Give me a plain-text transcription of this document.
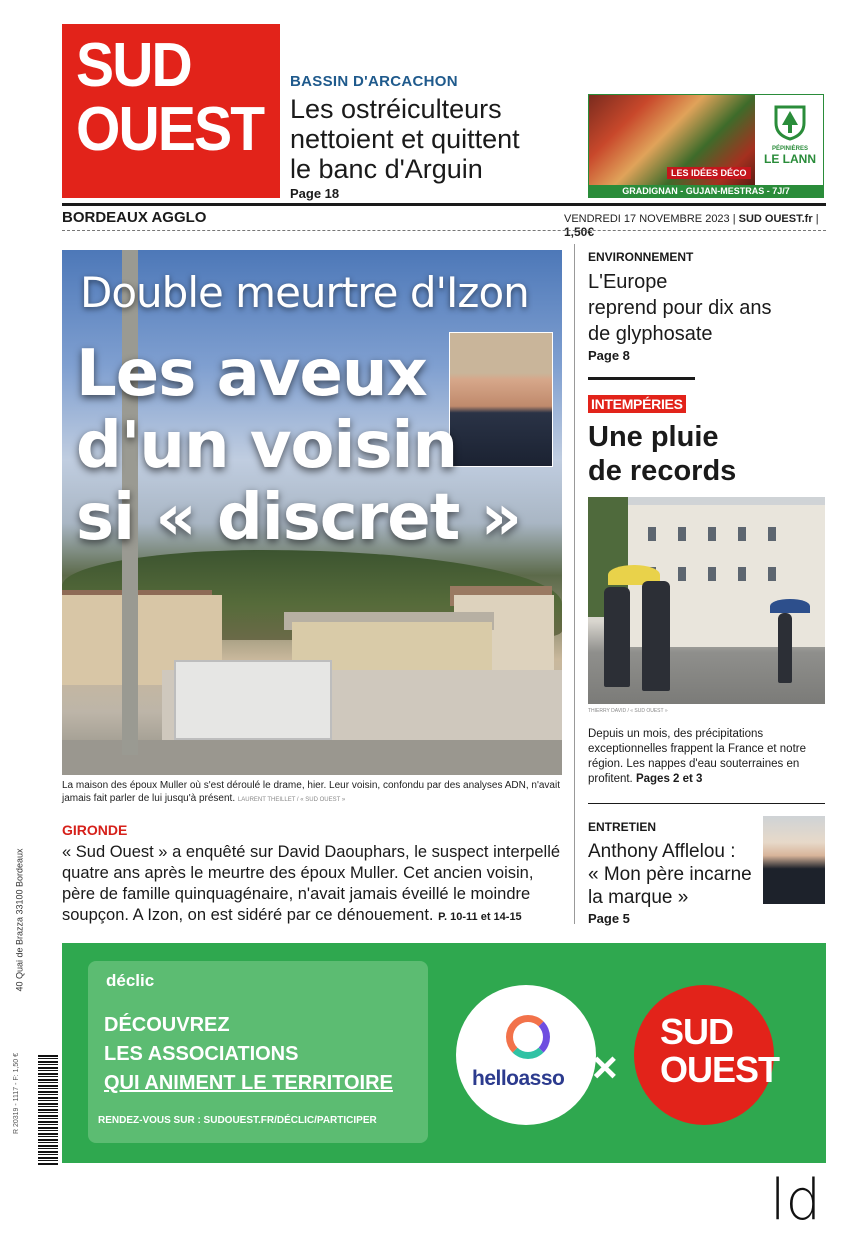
SUD
OUEST
BASSIN D'ARCACHON
Les ostréiculteurs
nettoient et quittent
le banc d'Arguin
Page 18
LES IDÉES DÉCO
PÉPINIÈRES
LE LANN
GRADIGNAN - GUJAN-MESTRAS - 7J/7
BORDEAUX AGGLO	VENDREDI 17 NOVEMBRE 2023 | SUD OUEST.fr | 1,50€
Double meurtre d'Izon
Les aveux
d'un voisin
si « discret »
La maison des époux Muller où s'est déroulé le drame, hier. Leur voisin, confondu par des analyses ADN, n'avait jamais fait parler de lui jusqu'à présent. LAURENT THEILLET / « SUD OUEST »
GIRONDE
« Sud Ouest » a enquêté sur David Daouphars, le suspect interpellé quatre ans après le meurtre des époux Muller. Cet ancien voisin, père de famille quinquagénaire, n'avait jamais éveillé le moindre soupçon. A Izon, on est sidéré par ce dénouement. P. 10-11 et 14-15
ENVIRONNEMENT
L'Europe
reprend pour dix ans
de glyphosate
Page 8
INTEMPÉRIES
Une pluie
de records
THIERRY DAVID / « SUD OUEST »
Depuis un mois, des précipitations exceptionnelles frappent la France et notre région. Les nappes d'eau souterraines en profitent. Pages 2 et 3
ENTRETIEN
Anthony Afflelou :
« Mon père incarne
la marque »
Page 5
déclic
DÉCOUVREZ
LES ASSOCIATIONS
QUI ANIMENT LE TERRITOIRE
RENDEZ-VOUS SUR : SUDOUEST.FR/DÉCLIC/PARTICIPER
helloasso ×
SUD
OUEST
40 Quai de Brazza 33100 Bordeaux
R 20319 - 1117 - F: 1,50 €
ld
